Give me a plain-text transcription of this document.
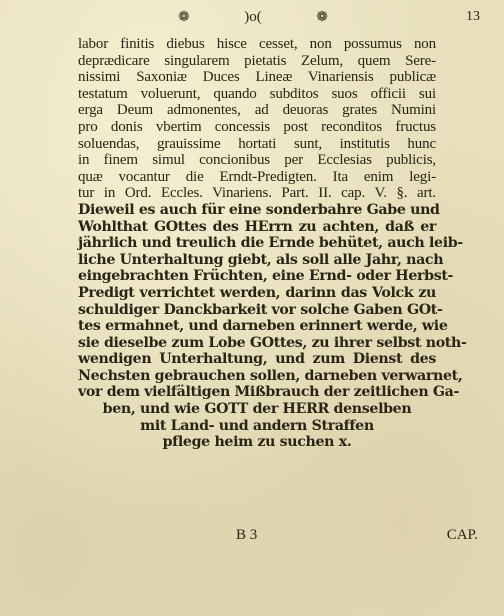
❁	)o(	❁	13
labor finitis diebus hisce cesset, non possumus non
deprædicare singularem pietatis Zelum, quem Sere-
nissimi Saxoniæ Duces Lineæ Vinariensis publicæ
testatum voluerunt, quando subditos suos officii sui
erga Deum admonentes, ad deuoras grates Numini
pro donis vbertim concessis post reconditos fructus
soluendas, grauissime hortati sunt, institutis hunc
in finem simul concionibus per Ecclesias publicis,
quæ vocantur die Erndt-Predigten. Ita enim legi-
tur in Ord. Eccles. Vinariens. Part. II. cap. V. §. art.
Dieweil es auch für eine sonderbahre Gabe und
Wohlthat GOttes des HErrn zu achten, daß er
jährlich und treulich die Ernde behütet, auch leib-
liche Unterhaltung giebt, als soll alle Jahr, nach
eingebrachten Früchten, eine Ernd- oder Herbst-
Predigt verrichtet werden, darinn das Volck zu
schuldiger Danckbarkeit vor solche Gaben GOt-
tes ermahnet, und darneben erinnert werde, wie
sie dieselbe zum Lobe GOttes, zu ihrer selbst noth-
wendigen Unterhaltung, und zum Dienst des
Nechsten gebrauchen sollen, darneben verwarnet,
vor dem vielfältigen Mißbrauch der zeitlichen Ga-
ben, und wie GOTT der HERR denselben
mit Land- und andern Straffen
pflege heim zu suchen x.
B 3	CAP.
